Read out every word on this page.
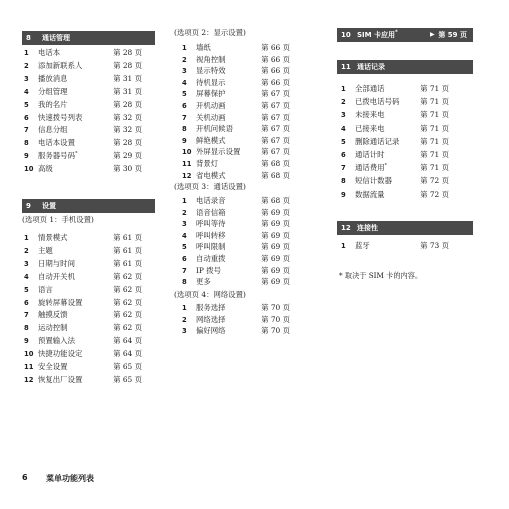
8 通话管理
1 电话本	第 28 页
2 添加新联系人	第 28 页
3 播放消息	第 31 页
4 分组管理	第 31 页
5 我的名片	第 28 页
6 快速拨号列表	第 32 页
7 信息分组	第 32 页
8 电话本设置	第 28 页
9 服务器号码*	第 29 页
10 高级	第 30 页
9 设置
(选项页 1：手机设置)
1 情景模式	第 61 页
2 主题	第 61 页
3 日期与时间	第 61 页
4 自动开关机	第 62 页
5 语言	第 62 页
6 旋转屏幕设置	第 62 页
7 触摸反馈	第 62 页
8 运动控制	第 62 页
9 预置输入法	第 64 页
10 快捷功能设定	第 64 页
11 安全设置	第 65 页
12 恢复出厂设置	第 65 页
(选项页 2：显示设置)
1 墙纸	第 66 页
2 视角控制	第 66 页
3 显示特效	第 66 页
4 待机显示	第 66 页
5 屏幕保护	第 67 页
6 开机动画	第 67 页
7 关机动画	第 67 页
8 开机问候语	第 67 页
9 鲜艳模式	第 67 页
10 外屏显示设置	第 67 页
11 背景灯	第 68 页
12 省电模式	第 68 页
(选项页 3：通话设置)
1 电话录音	第 68 页
2 语音信箱	第 69 页
3 呼叫等待	第 69 页
4 呼叫转移	第 69 页
5 呼叫限制	第 69 页
6 自动重拨	第 69 页
7 IP 拨号	第 69 页
8 更多	第 69 页
(选项页 4：网络设置)
1 服务选择	第 70 页
2 网络选择	第 70 页
3 偏好网络	第 70 页
10 SIM 卡应用*	▶ 第 59 页
11 通话记录
1 全部通话	第 71 页
2 已拨电话号码	第 71 页
3 未接来电	第 71 页
4 已接来电	第 71 页
5 删除通话记录	第 71 页
6 通话计时	第 71 页
7 通话费用*	第 71 页
8 短信计数器	第 72 页
9 数据流量	第 72 页
12 连接性
1 蓝牙	第 73 页
* 取决于 SIM 卡的内容。
6 菜单功能列表
